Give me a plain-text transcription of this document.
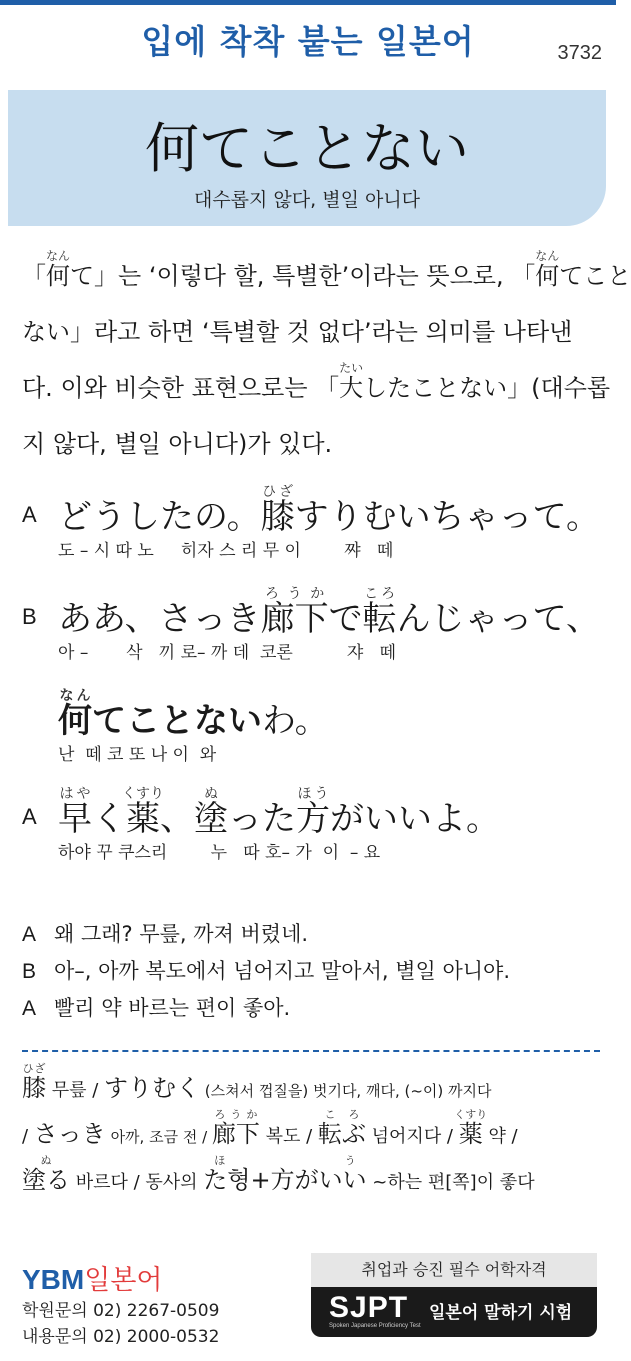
입에 착착 붙는 일본어	3732
何てことない
대수롭지 않다, 별일 아니다
「何なんて」는 ‘이렇다 할, 특별한’이라는 뜻으로, 「何なんてこと
ない」라고 하면 ‘특별할 것 없다’라는 의미를 나타낸
다. 이와 비슷한 표현으로는 「大たいしたことない」(대수롭
지 않다, 별일 아니다)가 있다.
A どうしたの。膝ひざすりむいちゃって。
도 – 시 따 노     히자 스 리 무 이        쨔   떼
B ああ、さっき廊下ろうかで転ころんじゃって、
아 –       삭   끼 로– 까 데  코론          쟈   떼
何なんてことないわ。
난  떼 코 또 나 이  와
A 早はやく薬くすり、塗ぬった方ほうがいいよ。
하야 꾸 쿠스리        누   따 호– 가  이  – 요
A 왜 그래? 무릎, 까져 버렸네.
B 아–, 아까 복도에서 넘어지고 말아서, 별일 아니야.
A 빨리 약 바르는 편이 좋아.
膝ひざ 무릎 / すりむく (스쳐서 껍질을) 벗기다, 깨다, (~이) 까지다
/ さっき 아까, 조금 전 / 廊下ろうか 복도 / 転ぶころ 넘어지다 / 薬くすり 약 /
塗るぬ 바르다 / 동사의 た형+方がいいほう ~하는 편[쪽]이 좋다
YBM일본어
학원문의 02) 2267-0509
내용문의 02) 2000-0532
취업과 승진 필수 어학자격
SJPT
Spoken Japanese Proficiency Test
일본어 말하기 시험
